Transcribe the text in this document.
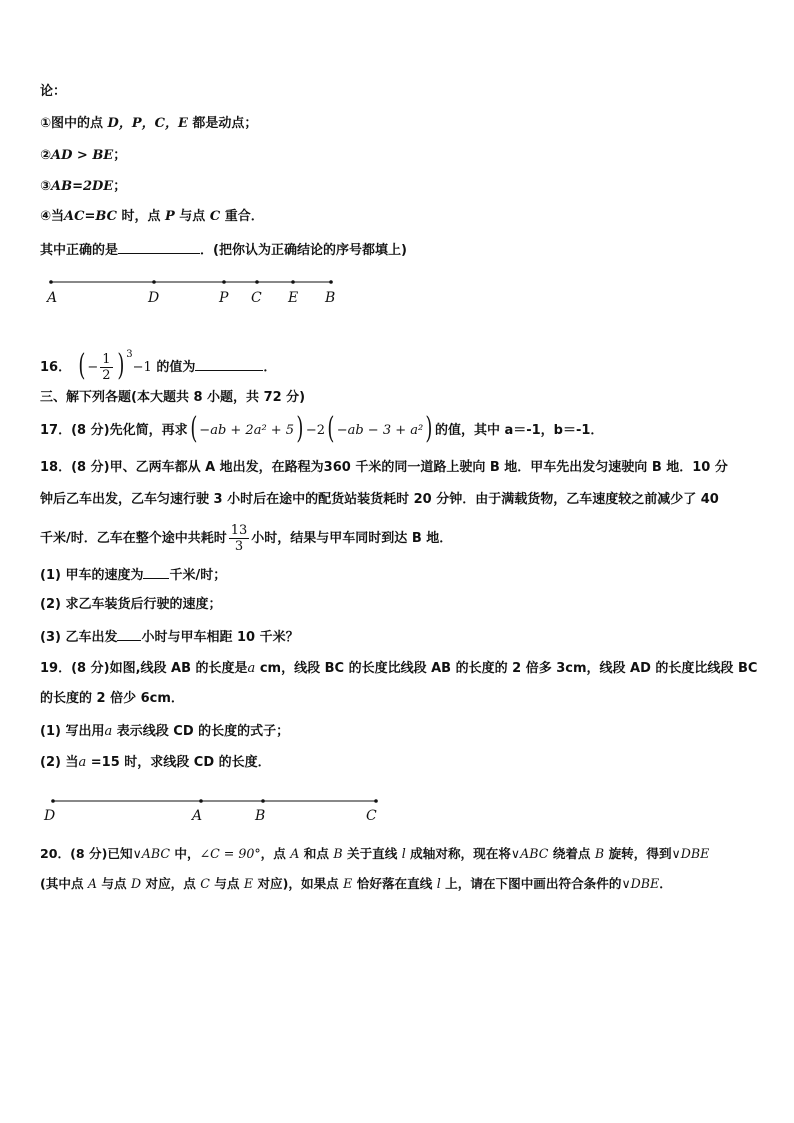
论：
①图中的点 D，P，C，E 都是动点；
②AD > BE；
③AB=2DE；
④当AC=BC 时，点 P 与点 C 重合．
其中正确的是	．(把你认为正确结论的序号都填上)
A	D	P C E B
16． ( − $\frac{1}{2}$ ) $^3$−1 的值为	．
三、解下列各题(本大题共 8 小题，共 72 分)
17．(8 分)先化简，再求( −ab + 2a² + 5) −2( −ab − 3 + a²) 的值，其中 a＝-1，b＝-1．
18．(8 分)甲、乙两车都从 A 地出发，在路程为360 千米的同一道路上驶向 B 地．甲车先出发匀速驶向 B 地．10 分
钟后乙车出发，乙车匀速行驶 3 小时后在途中的配货站装货耗时 20 分钟．由于满载货物，乙车速度较之前减少了 40
千米/时．乙车在整个途中共耗时 $\frac{13}{3}$ 小时，结果与甲车同时到达 B 地．
(1) 甲车的速度为 千米/时；
(2) 求乙车装货后行驶的速度；
(3) 乙车出发 小时与甲车相距 10 千米？
19．(8 分)如图,线段 AB 的长度是a cm，线段 BC 的长度比线段 AB 的长度的 2 倍多 3cm，线段 AD 的长度比线段 BC
的长度的 2 倍少 6cm．
(1) 写出用a 表示线段 CD 的长度的式子；
(2) 当a =15 时，求线段 CD 的长度．
D	A	B	C
20．(8 分)已知∨ABC 中，∠C = 90°，点 A 和点 B 关于直线 l 成轴对称，现在将∨ABC 绕着点 B 旋转，得到∨DBE
(其中点 A 与点 D 对应，点 C 与点 E 对应)，如果点 E 恰好落在直线 l 上，请在下图中画出符合条件的∨DBE．
